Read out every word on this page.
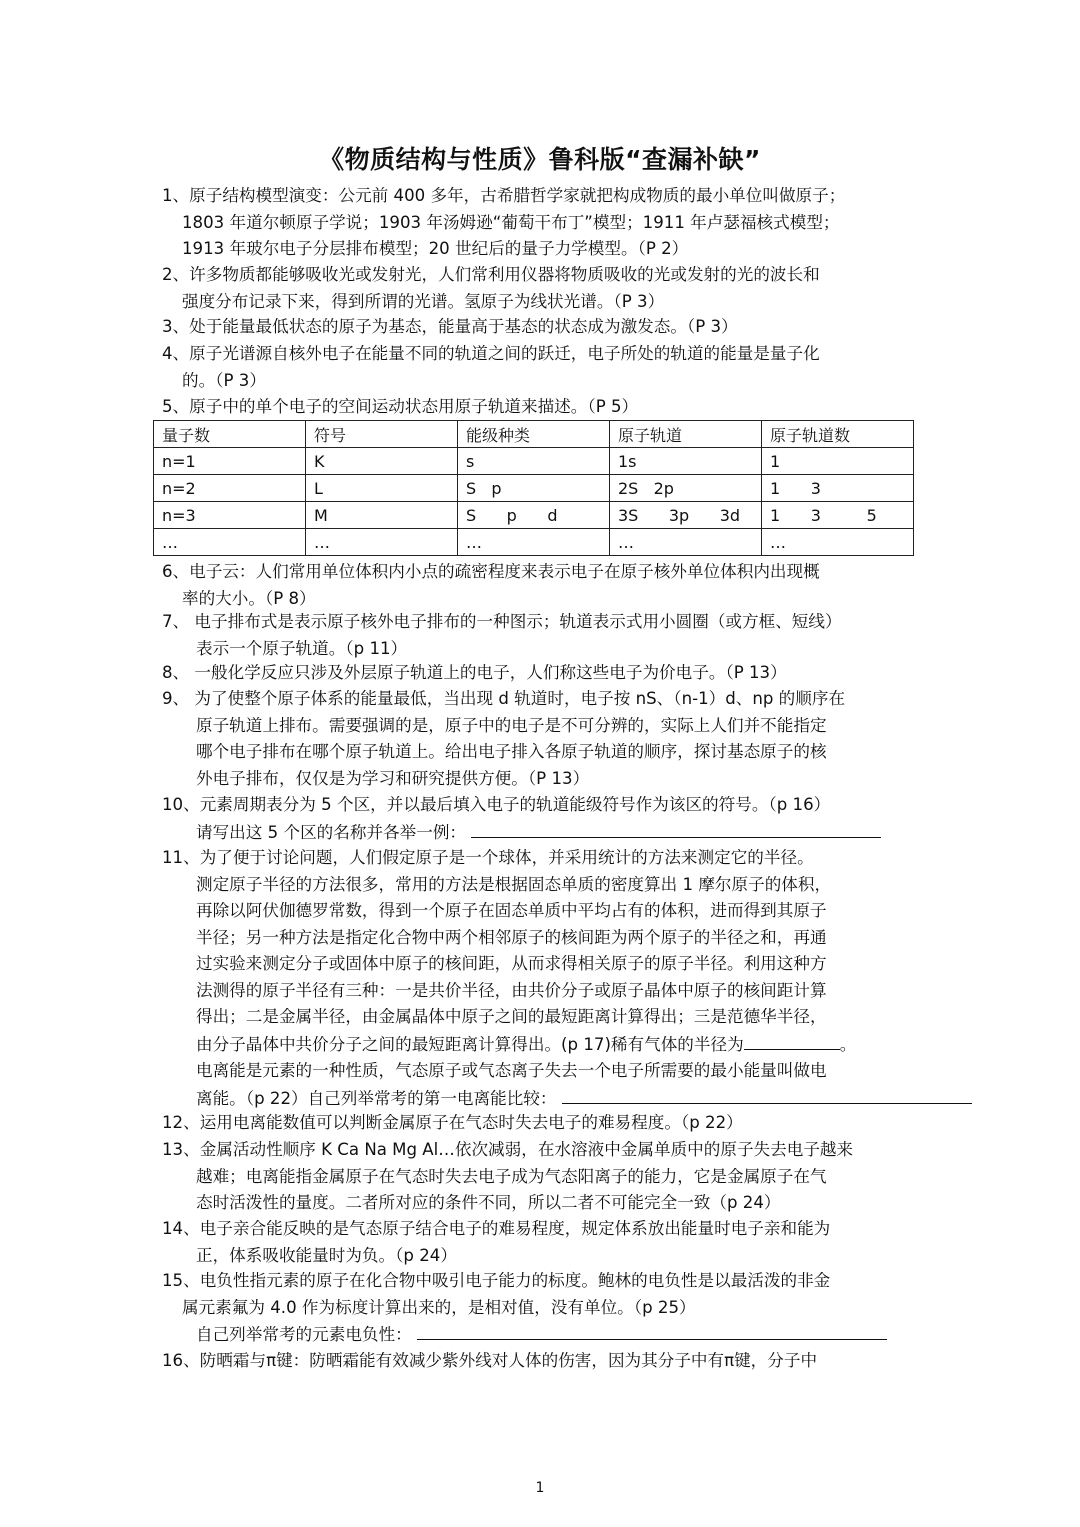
《物质结构与性质》鲁科版“查漏补缺”
1、原子结构模型演变：公元前 400 多年，古希腊哲学家就把构成物质的最小单位叫做原子；
1803 年道尔顿原子学说；1903 年汤姆逊“葡萄干布丁”模型；1911 年卢瑟福核式模型；
1913 年玻尔电子分层排布模型；20 世纪后的量子力学模型。（P 2）
2、许多物质都能够吸收光或发射光，人们常利用仪器将物质吸收的光或发射的光的波长和
强度分布记录下来，得到所谓的光谱。氢原子为线状光谱。（P 3）
3、处于能量最低状态的原子为基态，能量高于基态的状态成为激发态。（P 3）
4、原子光谱源自核外电子在能量不同的轨道之间的跃迁，电子所处的轨道的能量是量子化
的。（P 3）
5、原子中的单个电子的空间运动状态用原子轨道来描述。（P 5）
量子数	符号	能级种类	原子轨道	原子轨道数
n=1	K	s	1s	1
n=2	L	S   p	2S   2p	1      3
n=3	M	S      p      d	3S      3p      3d	1      3         5
…	…	…	…	…
6、电子云：人们常用单位体积内小点的疏密程度来表示电子在原子核外单位体积内出现概
率的大小。（P 8）
7、 电子排布式是表示原子核外电子排布的一种图示；轨道表示式用小圆圈（或方框、短线）
表示一个原子轨道。（p 11）
8、 一般化学反应只涉及外层原子轨道上的电子，人们称这些电子为价电子。（P 13）
9、 为了使整个原子体系的能量最低，当出现 d 轨道时，电子按 nS、（n-1）d、np 的顺序在
原子轨道上排布。需要强调的是，原子中的电子是不可分辨的，实际上人们并不能指定
哪个电子排布在哪个原子轨道上。给出电子排入各原子轨道的顺序，探讨基态原子的核
外电子排布，仅仅是为学习和研究提供方便。（P 13）
10、元素周期表分为 5 个区，并以最后填入电子的轨道能级符号作为该区的符号。（p 16）
请写出这 5 个区的名称并各举一例：
11、为了便于讨论问题，人们假定原子是一个球体，并采用统计的方法来测定它的半径。
测定原子半径的方法很多，常用的方法是根据固态单质的密度算出 1 摩尔原子的体积，
再除以阿伏伽德罗常数，得到一个原子在固态单质中平均占有的体积，进而得到其原子
半径；另一种方法是指定化合物中两个相邻原子的核间距为两个原子的半径之和，再通
过实验来测定分子或固体中原子的核间距，从而求得相关原子的原子半径。利用这种方
法测得的原子半径有三种：一是共价半径，由共价分子或原子晶体中原子的核间距计算
得出；二是金属半径，由金属晶体中原子之间的最短距离计算得出；三是范德华半径，
由分子晶体中共价分子之间的最短距离计算得出。(p 17)稀有气体的半径为	。
电离能是元素的一种性质，气态原子或气态离子失去一个电子所需要的最小能量叫做电
离能。（p 22）自己列举常考的第一电离能比较：
12、运用电离能数值可以判断金属原子在气态时失去电子的难易程度。（p 22）
13、金属活动性顺序 K Ca Na Mg Al…依次减弱，在水溶液中金属单质中的原子失去电子越来
越难；电离能指金属原子在气态时失去电子成为气态阳离子的能力，它是金属原子在气
态时活泼性的量度。二者所对应的条件不同，所以二者不可能完全一致（p 24）
14、电子亲合能反映的是气态原子结合电子的难易程度，规定体系放出能量时电子亲和能为
正，体系吸收能量时为负。（p 24）
15、电负性指元素的原子在化合物中吸引电子能力的标度。鲍林的电负性是以最活泼的非金
属元素氟为 4.0 作为标度计算出来的，是相对值，没有单位。（p 25）
自己列举常考的元素电负性：
16、防晒霜与π键：防晒霜能有效减少紫外线对人体的伤害，因为其分子中有π键，分子中
1
